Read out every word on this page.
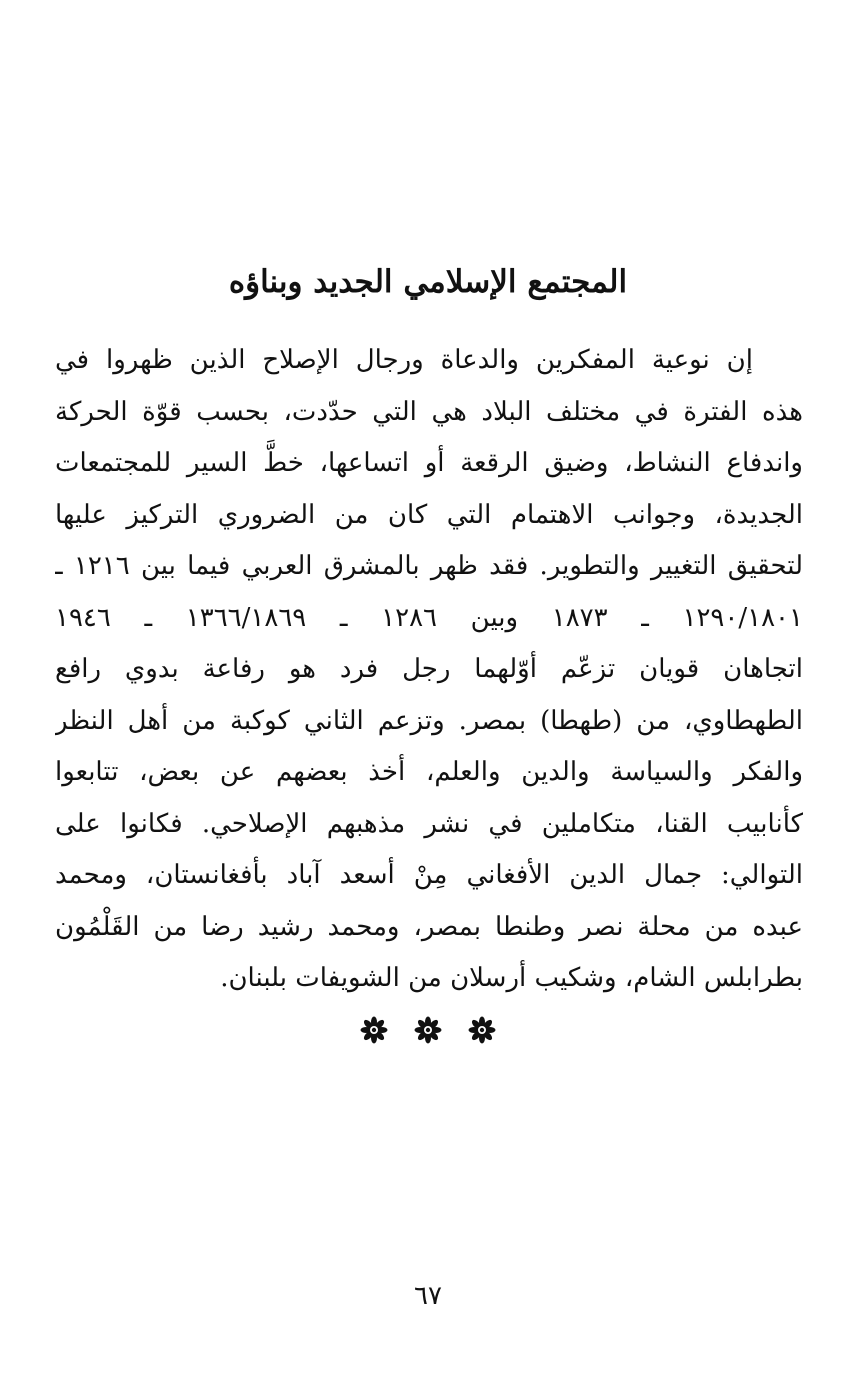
المجتمع الإسلامي الجديد وبناؤه
إن نوعية المفكرين والدعاة ورجال الإصلاح الذين ظهروا في
هذه الفترة في مختلف البلاد هي التي حدّدت، بحسب قوّة الحركة
واندفاع النشاط، وضيق الرقعة أو اتساعها، خطَّ السير للمجتمعات
الجديدة، وجوانب الاهتمام التي كان من الضروري التركيز عليها
لتحقيق التغيير والتطوير. فقد ظهر بالمشرق العربي فيما بين ١٢١٦ ـ
١٢٩٠/١٨٠١ ـ ١٨٧٣ وبين ١٢٨٦ ـ ١٣٦٦/١٨٦٩ ـ ١٩٤٦
اتجاهان قويان تزعّم أوّلهما رجل فرد هو رفاعة بدوي رافع
الطهطاوي، من (طهطا) بمصر. وتزعم الثاني كوكبة من أهل النظر
والفكر والسياسة والدين والعلم، أخذ بعضهم عن بعض، تتابعوا
كأنابيب القنا، متكاملين في نشر مذهبهم الإصلاحي. فكانوا على
التوالي: جمال الدين الأفغاني مِنْ أسعد آباد بأفغانستان، ومحمد
عبده من محلة نصر وطنطا بمصر، ومحمد رشيد رضا من القَلْمُون
بطرابلس الشام، وشكيب أرسلان من الشويفات بلبنان.
٦٧
